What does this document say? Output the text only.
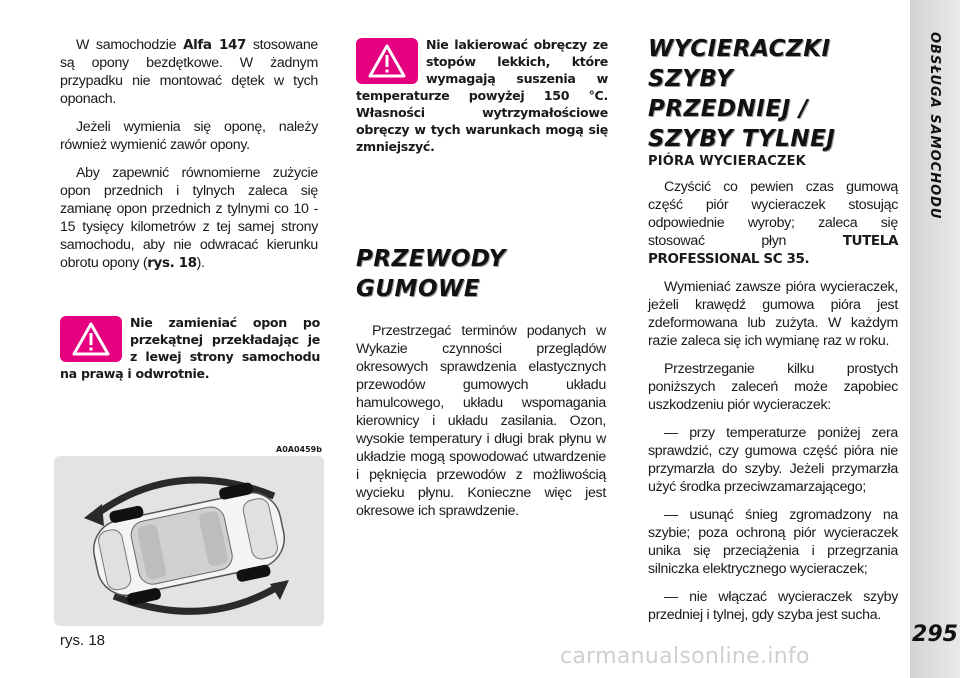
W samochodzie Alfa 147 stosowane są opony bezdętkowe. W żadnym przypadku nie montować dętek w tych oponach.

Jeżeli wymienia się oponę, należy również wymienić zawór opony.

Aby zapewnić równomierne zużycie opon przednich i tylnych zaleca się zamianę opon przednich z tylnymi co 10 - 15 tysięcy kilometrów z tej samej strony samochodu, aby nie odwracać kierunku obrotu opony (rys. 18).

Nie zamieniać opon po przekątnej przekładając je z lewej strony samochodu na prawą i odwrotnie.
A0A0459b
rys. 18
Nie lakierować obręczy ze stopów lekkich, które wymagają suszenia w temperaturze powyżej 150 °C. Własności wytrzymałościowe obręczy w tych warunkach mogą się zmniejszyć.
PRZEWODY
GUMOWE

Przestrzegać terminów podanych w Wykazie czynności przeglądów okresowych sprawdzenia elastycznych przewodów gumowych układu hamulcowego, układu wspomagania kierownicy i układu zasilania. Ozon, wysokie temperatury i długi brak płynu w układzie mogą spowodować utwardzenie i pęknięcia przewodów z możliwością wycieku płynu. Konieczne więc jest okresowe ich sprawdzenie.

WYCIERACZKI SZYBY
PRZEDNIEJ /
SZYBY TYLNEJ
PIÓRA WYCIERACZEK

Czyścić co pewien czas gumową część piór wycieraczek stosując odpowiednie wyroby; zaleca się stosować płyn TUTELA PROFESSIONAL SC 35.

Wymieniać zawsze pióra wycieraczek, jeżeli krawędź gumowa pióra jest zdeformowana lub zużyta. W każdym razie zaleca się ich wymianę raz w roku.

Przestrzeganie kilku prostych poniższych zaleceń może zapobiec uszkodzeniu piór wycieraczek:

— przy temperaturze poniżej zera sprawdzić, czy gumowa część pióra nie przymarzła do szyby. Jeżeli przymarzła użyć środka przeciwzamarzającego;

— usunąć śnieg zgromadzony na szybie; poza ochroną piór wycieraczek unika się przeciążenia i przegrzania silniczka elektrycznego wycieraczek;

— nie włączać wycieraczek szyby przedniej i tylnej, gdy szyba jest sucha.

OBSŁUGA SAMOCHODU
295
carmanualsonline.info
